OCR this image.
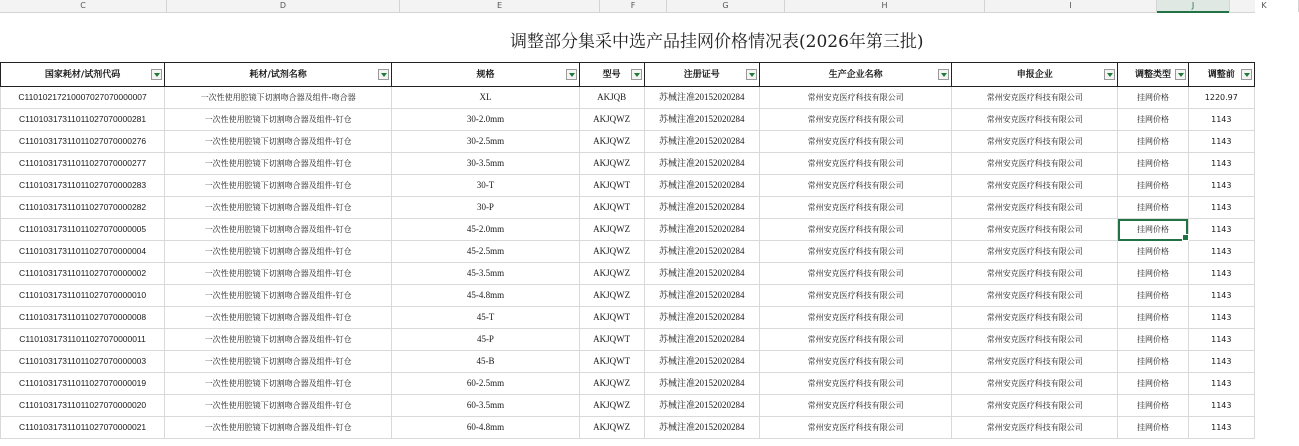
C	D	E	F	G	H	I	J	K
调整部分集采中选产品挂网价格情况表(2026年第三批)
国家耗材/试剂代码	耗材/试剂名称	规格	型号	注册证号	生产企业名称	申报企业	调整类型	调整前

C11010217210007027070000007	一次性使用腔镜下切割吻合器及组件-吻合器	XL	AKJQB	苏械注准20152020284	常州安克医疗科技有限公司	常州安克医疗科技有限公司	挂网价格	1220.97
C11010317311011027070000281	一次性使用腔镜下切割吻合器及组件-钉仓	30-2.0mm	AKJQWZ	苏械注准20152020284	常州安克医疗科技有限公司	常州安克医疗科技有限公司	挂网价格	1143
C11010317311011027070000276	一次性使用腔镜下切割吻合器及组件-钉仓	30-2.5mm	AKJQWZ	苏械注准20152020284	常州安克医疗科技有限公司	常州安克医疗科技有限公司	挂网价格	1143
C11010317311011027070000277	一次性使用腔镜下切割吻合器及组件-钉仓	30-3.5mm	AKJQWZ	苏械注准20152020284	常州安克医疗科技有限公司	常州安克医疗科技有限公司	挂网价格	1143
C11010317311011027070000283	一次性使用腔镜下切割吻合器及组件-钉仓	30-T	AKJQWT	苏械注准20152020284	常州安克医疗科技有限公司	常州安克医疗科技有限公司	挂网价格	1143
C11010317311011027070000282	一次性使用腔镜下切割吻合器及组件-钉仓	30-P	AKJQWT	苏械注准20152020284	常州安克医疗科技有限公司	常州安克医疗科技有限公司	挂网价格	1143
C11010317311011027070000005	一次性使用腔镜下切割吻合器及组件-钉仓	45-2.0mm	AKJQWZ	苏械注准20152020284	常州安克医疗科技有限公司	常州安克医疗科技有限公司	挂网价格	1143
C11010317311011027070000004	一次性使用腔镜下切割吻合器及组件-钉仓	45-2.5mm	AKJQWZ	苏械注准20152020284	常州安克医疗科技有限公司	常州安克医疗科技有限公司	挂网价格	1143
C11010317311011027070000002	一次性使用腔镜下切割吻合器及组件-钉仓	45-3.5mm	AKJQWZ	苏械注准20152020284	常州安克医疗科技有限公司	常州安克医疗科技有限公司	挂网价格	1143
C11010317311011027070000010	一次性使用腔镜下切割吻合器及组件-钉仓	45-4.8mm	AKJQWZ	苏械注准20152020284	常州安克医疗科技有限公司	常州安克医疗科技有限公司	挂网价格	1143
C11010317311011027070000008	一次性使用腔镜下切割吻合器及组件-钉仓	45-T	AKJQWT	苏械注准20152020284	常州安克医疗科技有限公司	常州安克医疗科技有限公司	挂网价格	1143
C11010317311011027070000011	一次性使用腔镜下切割吻合器及组件-钉仓	45-P	AKJQWT	苏械注准20152020284	常州安克医疗科技有限公司	常州安克医疗科技有限公司	挂网价格	1143
C11010317311011027070000003	一次性使用腔镜下切割吻合器及组件-钉仓	45-B	AKJQWT	苏械注准20152020284	常州安克医疗科技有限公司	常州安克医疗科技有限公司	挂网价格	1143
C11010317311011027070000019	一次性使用腔镜下切割吻合器及组件-钉仓	60-2.5mm	AKJQWZ	苏械注准20152020284	常州安克医疗科技有限公司	常州安克医疗科技有限公司	挂网价格	1143
C11010317311011027070000020	一次性使用腔镜下切割吻合器及组件-钉仓	60-3.5mm	AKJQWZ	苏械注准20152020284	常州安克医疗科技有限公司	常州安克医疗科技有限公司	挂网价格	1143
C11010317311011027070000021	一次性使用腔镜下切割吻合器及组件-钉仓	60-4.8mm	AKJQWZ	苏械注准20152020284	常州安克医疗科技有限公司	常州安克医疗科技有限公司	挂网价格	1143
